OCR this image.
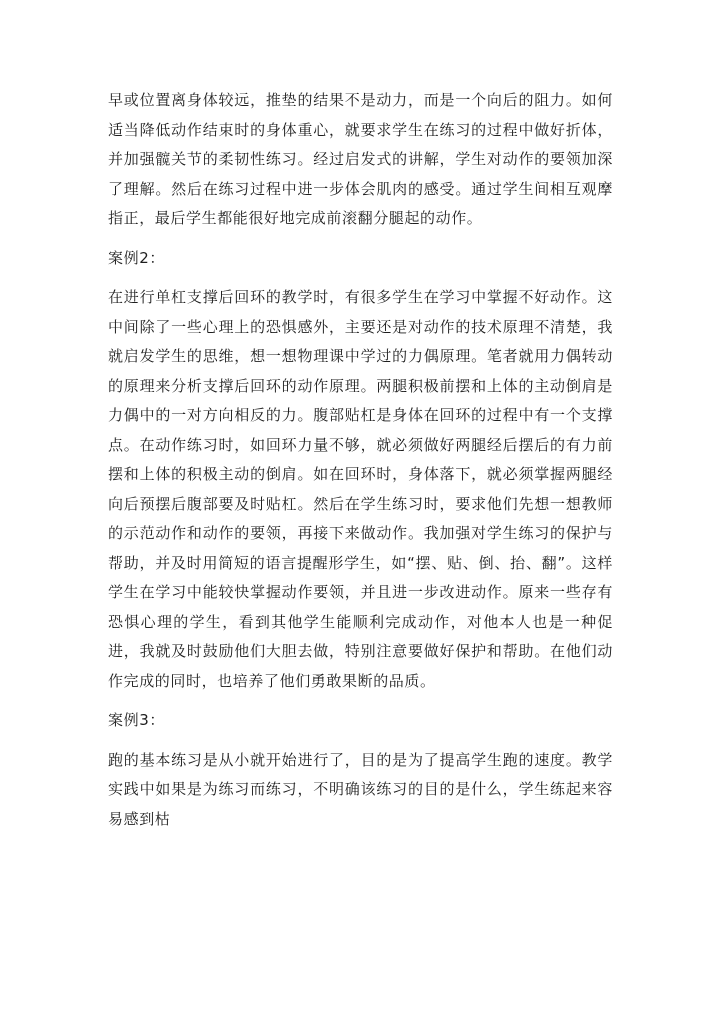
早或位置离身体较远，推垫的结果不是动力，而是一个向后的阻力。如何适当降低动作结束时的身体重心，就要求学生在练习的过程中做好折体，并加强髋关节的柔韧性练习。经过启发式的讲解，学生对动作的要领加深了理解。然后在练习过程中进一步体会肌肉的感受。通过学生间相互观摩指正，最后学生都能很好地完成前滚翻分腿起的动作。

案例2：

在进行单杠支撑后回环的教学时，有很多学生在学习中掌握不好动作。这中间除了一些心理上的恐惧感外，主要还是对动作的技术原理不清楚，我就启发学生的思维，想一想物理课中学过的力偶原理。笔者就用力偶转动的原理来分析支撑后回环的动作原理。两腿积极前摆和上体的主动倒肩是力偶中的一对方向相反的力。腹部贴杠是身体在回环的过程中有一个支撑点。在动作练习时，如回环力量不够，就必须做好两腿经后摆后的有力前摆和上体的积极主动的倒肩。如在回环时，身体落下，就必须掌握两腿经向后预摆后腹部要及时贴杠。然后在学生练习时，要求他们先想一想教师的示范动作和动作的要领，再接下来做动作。我加强对学生练习的保护与帮助，并及时用简短的语言提醒形学生，如“摆、贴、倒、抬、翻”。这样学生在学习中能较快掌握动作要领，并且进一步改进动作。原来一些存有恐惧心理的学生，看到其他学生能顺利完成动作，对他本人也是一种促进，我就及时鼓励他们大胆去做，特别注意要做好保护和帮助。在他们动作完成的同时，也培养了他们勇敢果断的品质。

案例3：

跑的基本练习是从小就开始进行了，目的是为了提高学生跑的速度。教学实践中如果是为练习而练习，不明确该练习的目的是什么，学生练起来容易感到枯
